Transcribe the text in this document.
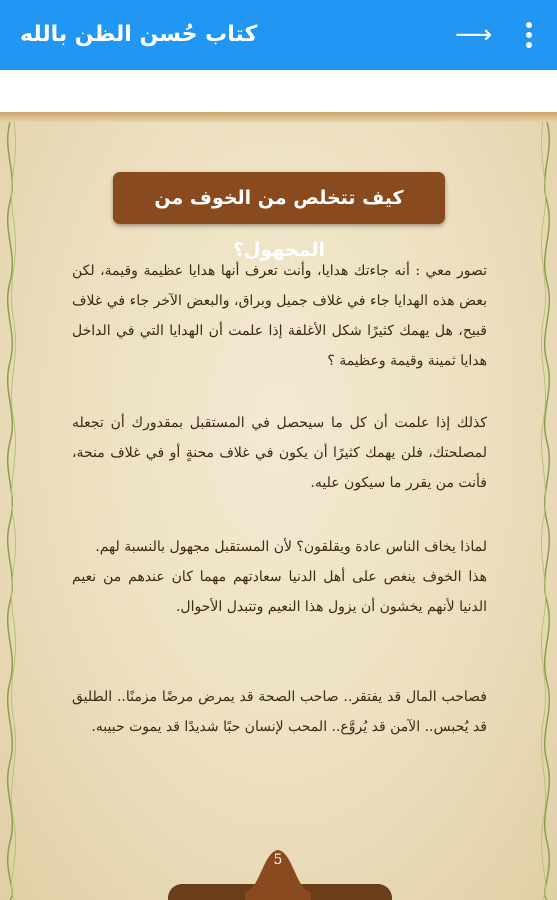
كتاب حُسن الظن بالله	⟶
كيف تتخلص من الخوف من المجهول؟
تصور معي : أنه جاءتك هدايا، وأنت تعرف أنها هدايا عظيمة وقيمة، لكن بعض هذه الهدايا جاء في غلاف جميل وبراق، والبعض الآخر جاء في غلاف قبيح، هل يهمك كثيرًا شكل الأغلفة إذا علمت أن الهدايا التي في الداخل هدايا ثمينة وقيمة وعظيمة ؟
كذلك إذا علمت أن كل ما سيحصل في المستقبل بمقدورك أن تجعله لمصلحتك، فلن يهمك كثيرًا أن يكون في غلاف محنةٍ أو في غلاف منحة، فأنت من يقرر ما سيكون عليه.
لماذا يخاف الناس عادة ويقلقون؟ لأن المستقبل مجهول بالنسبة لهم.
هذا الخوف ينغص على أهل الدنيا سعادتهم مهما كان عندهم من نعيم الدنيا لأنهم يخشون أن يزول هذا النعيم وتتبدل الأحوال.
فصاحب المال قد يفتقر.. صاحب الصحة قد يمرض مرضًا مزمنًا.. الطليق قد يُحبس.. الآمن قد يُروَّع.. المحب لإنسان حبًا شديدًا قد يموت حبيبه.
5
